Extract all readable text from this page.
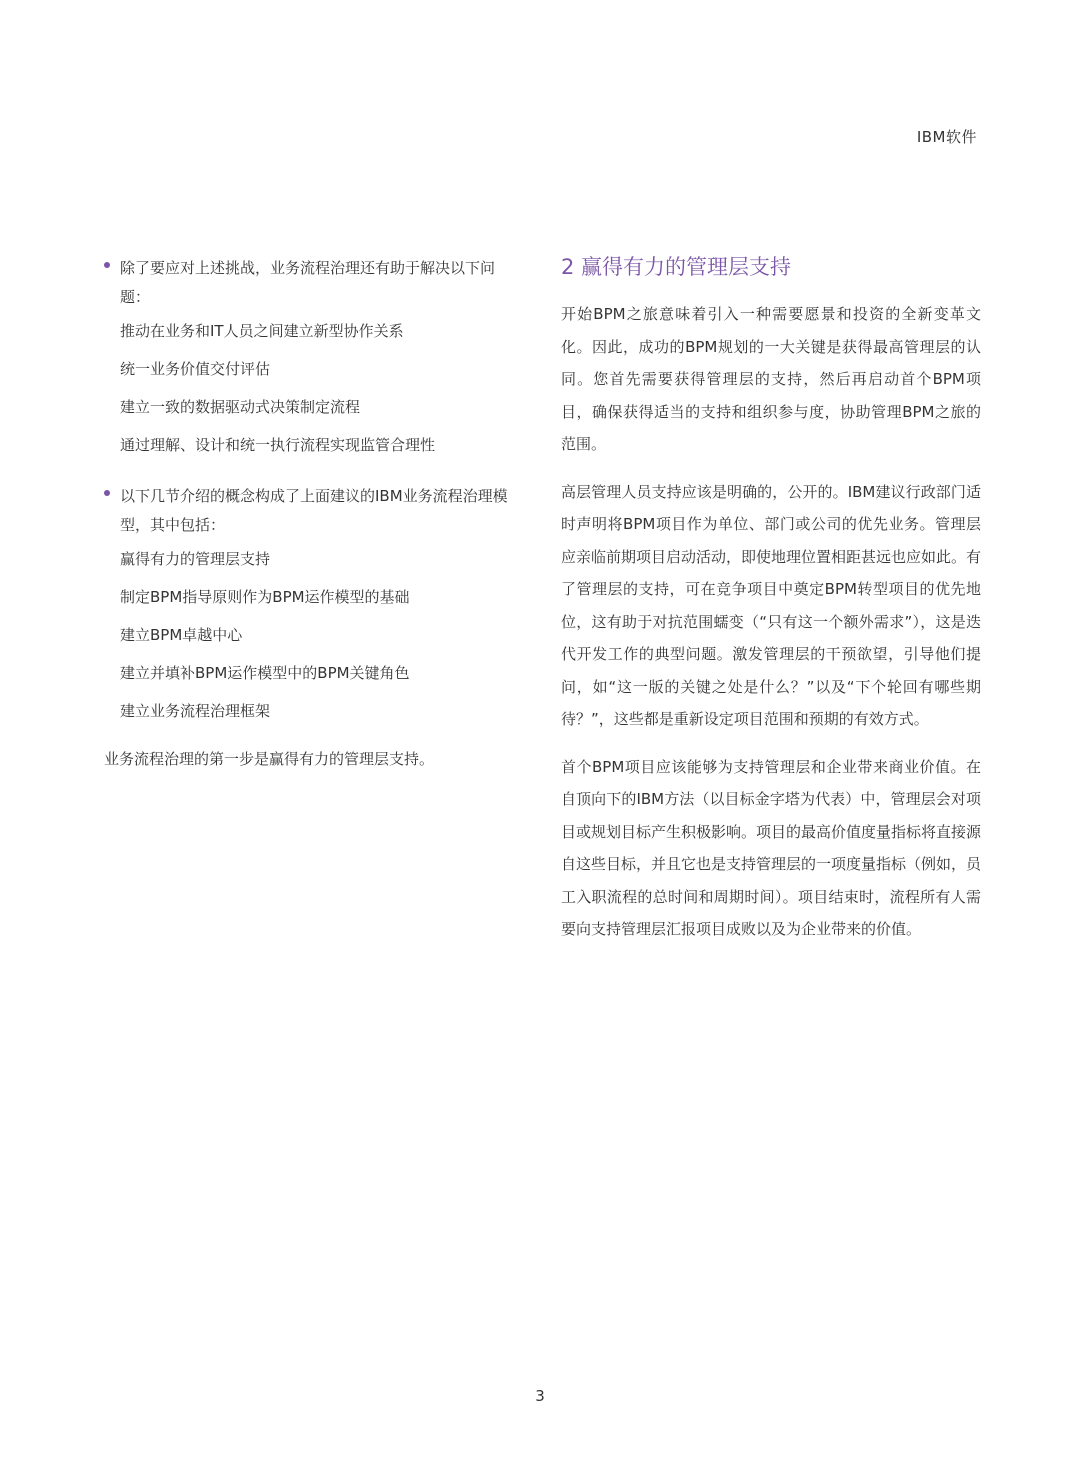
IBM软件
除了要应对上述挑战，业务流程治理还有助于解决以下问题：
推动在业务和IT人员之间建立新型协作关系
统一业务价值交付评估
建立一致的数据驱动式决策制定流程
通过理解、设计和统一执行流程实现监管合理性
以下几节介绍的概念构成了上面建议的IBM业务流程治理模型，其中包括：
赢得有力的管理层支持
制定BPM指导原则作为BPM运作模型的基础
建立BPM卓越中心
建立并填补BPM运作模型中的BPM关键角色
建立业务流程治理框架
业务流程治理的第一步是赢得有力的管理层支持。
2 赢得有力的管理层支持

开始BPM之旅意味着引入一种需要愿景和投资的全新变革文化。因此，成功的BPM规划的一大关键是获得最高管理层的认同。您首先需要获得管理层的支持，然后再启动首个BPM项目，确保获得适当的支持和组织参与度，协助管理BPM之旅的范围。

高层管理人员支持应该是明确的，公开的。IBM建议行政部门适时声明将BPM项目作为单位、部门或公司的优先业务。管理层应亲临前期项目启动活动，即使地理位置相距甚远也应如此。有了管理层的支持，可在竞争项目中奠定BPM转型项目的优先地位，这有助于对抗范围蠕变（“只有这一个额外需求”），这是迭代开发工作的典型问题。激发管理层的干预欲望，引导他们提问，如“这一版的关键之处是什么？”以及“下个轮回有哪些期待？”，这些都是重新设定项目范围和预期的有效方式。

首个BPM项目应该能够为支持管理层和企业带来商业价值。在自顶向下的IBM方法（以目标金字塔为代表）中，管理层会对项目或规划目标产生积极影响。项目的最高价值度量指标将直接源自这些目标，并且它也是支持管理层的一项度量指标（例如，员工入职流程的总时间和周期时间）。项目结束时，流程所有人需要向支持管理层汇报项目成败以及为企业带来的价值。

3
